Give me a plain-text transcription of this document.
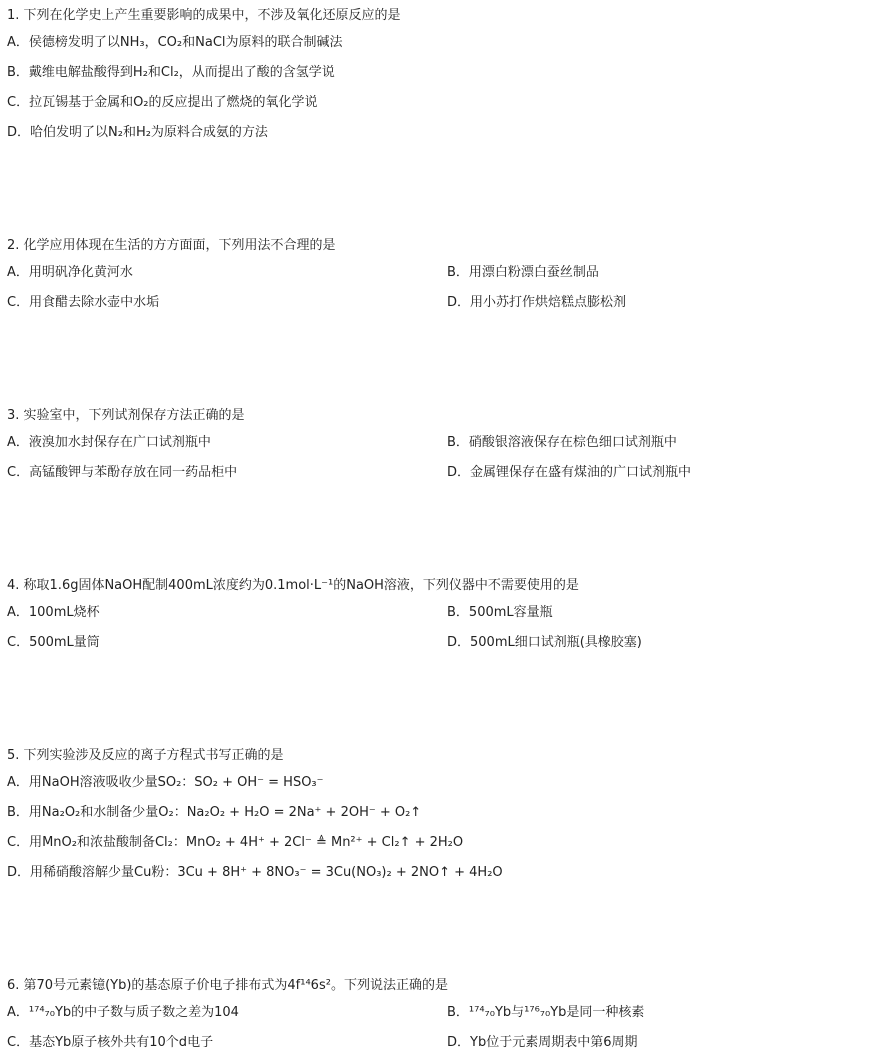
1. 下列在化学史上产生重要影响的成果中，不涉及氧化还原反应的是
A．侯德榜发明了以NH₃，CO₂和NaCl为原料的联合制碱法
B．戴维电解盐酸得到H₂和Cl₂，从而提出了酸的含氢学说
C．拉瓦锡基于金属和O₂的反应提出了燃烧的氧化学说
D．哈伯发明了以N₂和H₂为原料合成氨的方法
2. 化学应用体现在生活的方方面面，下列用法不合理的是
A．用明矾净化黄河水	B．用漂白粉漂白蚕丝制品
C．用食醋去除水壶中水垢	D．用小苏打作烘焙糕点膨松剂
3. 实验室中，下列试剂保存方法正确的是
A．液溴加水封保存在广口试剂瓶中	B．硝酸银溶液保存在棕色细口试剂瓶中
C．高锰酸钾与苯酚存放在同一药品柜中	D．金属锂保存在盛有煤油的广口试剂瓶中
4. 称取1.6g固体NaOH配制400mL浓度约为0.1mol·L⁻¹的NaOH溶液，下列仪器中不需要使用的是
A．100mL烧杯	B．500mL容量瓶
C．500mL量筒	D．500mL细口试剂瓶(具橡胶塞)
5. 下列实验涉及反应的离子方程式书写正确的是
A．用NaOH溶液吸收少量SO₂：SO₂ + OH⁻ = HSO₃⁻
B．用Na₂O₂和水制备少量O₂：Na₂O₂ + H₂O = 2Na⁺ + 2OH⁻ + O₂↑
C．用MnO₂和浓盐酸制备Cl₂：MnO₂ + 4H⁺ + 2Cl⁻ ≜ Mn²⁺ + Cl₂↑ + 2H₂O
D．用稀硝酸溶解少量Cu粉：3Cu + 8H⁺ + 8NO₃⁻ = 3Cu(NO₃)₂ + 2NO↑ + 4H₂O
6. 第70号元素镱(Yb)的基态原子价电子排布式为4f¹⁴6s²。下列说法正确的是
A．¹⁷⁴₇₀Yb的中子数与质子数之差为104	B．¹⁷⁴₇₀Yb与¹⁷⁶₇₀Yb是同一种核素
C．基态Yb原子核外共有10个d电子	D．Yb位于元素周期表中第6周期
